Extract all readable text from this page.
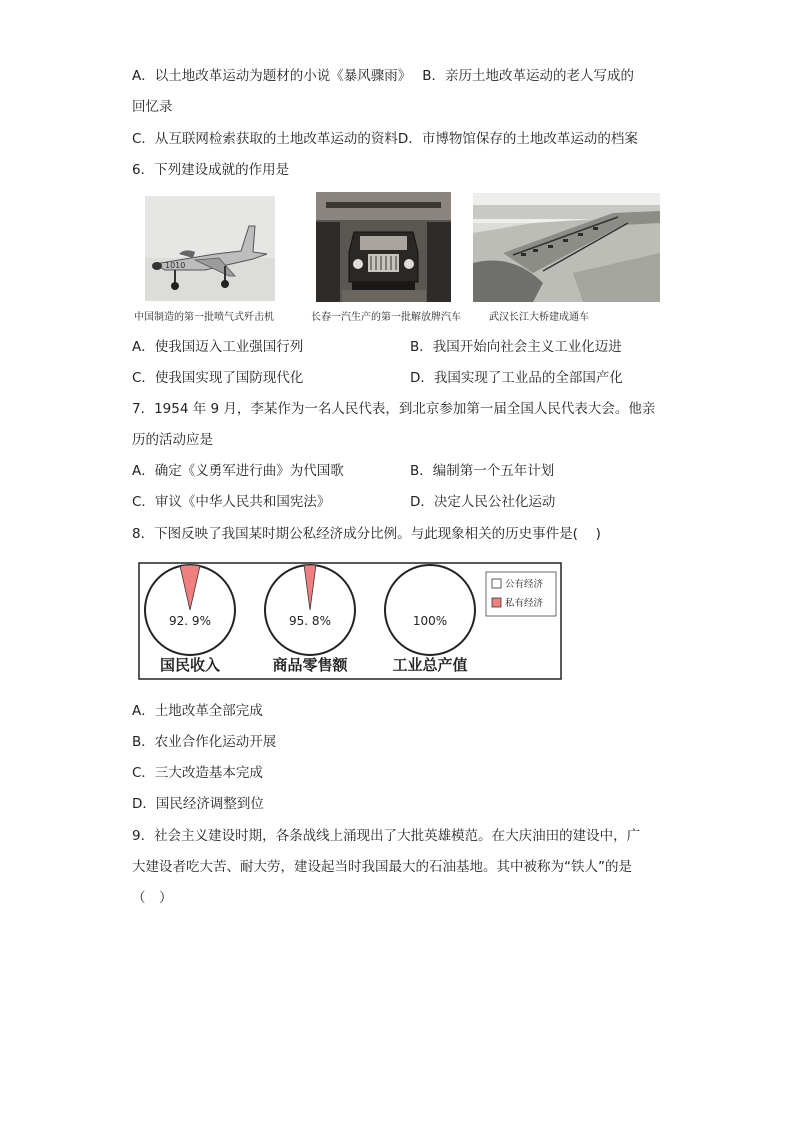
A．以土地改革运动为题材的小说《暴风骤雨》　 B．亲历土地改革运动的老人写成的
回忆录
C．从互联网检索获取的土地改革运动的资料D．市博物馆保存的土地改革运动的档案
6．下列建设成就的作用是
1010
中国制造的第一批喷气式歼击机	长春一汽生产的第一批解放牌汽车	武汉长江大桥建成通车
A．使我国迈入工业强国行列	B．我国开始向社会主义工业化迈进
C．使我国实现了国防现代化	D．我国实现了工业品的全部国产化
7．1954 年 9 月，李某作为一名人民代表，到北京参加第一届全国人民代表大会。他亲
历的活动应是
A．确定《义勇军进行曲》为代国歌	B．编制第一个五年计划
C．审议《中华人民共和国宪法》	D．决定人民公社化运动
8．下图反映了我国某时期公私经济成分比例。与此现象相关的历史事件是(　 )
92. 9%
国民收入
95. 8%
商品零售额
100%
工业总产值
公有经济
私有经济
A．土地改革全部完成
B．农业合作化运动开展
C．三大改造基本完成
D．国民经济调整到位
9．社会主义建设时期，各条战线上涌现出了大批英雄模范。在大庆油田的建设中，广
大建设者吃大苦、耐大劳，建设起当时我国最大的石油基地。其中被称为“铁人”的是
（　）
